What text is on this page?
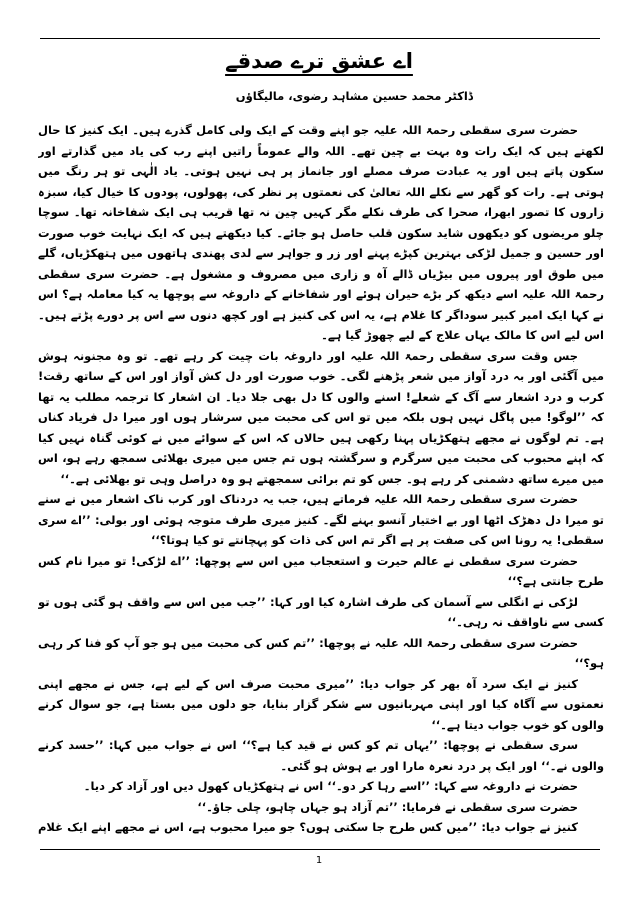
اے عشق ترے صدقے
ڈاکٹر محمد حسین مشاہد رضوی، مالیگاؤں

حضرت سری سقطی رحمۃ اللہ علیہ جو اپنے وقت کے ایک ولی کامل گذرے ہیں۔ ایک کنیز کا حال لکھتے ہیں کہ ایک رات وہ بہت بے چین تھے۔ اللہ والے عموماً راتیں اپنے رب کی یاد میں گذارتے اور سکون پاتے ہیں اور یہ عبادت صرف مصلے اور جانماز پر ہی نہیں ہوتی۔ یاد الٰہی تو ہر رنگ میں ہوتی ہے۔ رات کو گھر سے نکلے اللہ تعالیٰ کی نعمتوں پر نظر کی، پھولوں، پودوں کا خیال کیا، سبزہ زاروں کا تصور ابھرا، صحرا کی طرف نکلے مگر کہیں چین نہ تھا قریب ہی ایک شفاخانہ تھا۔ سوچا چلو مریضوں کو دیکھوں شاید سکون قلب حاصل ہو جائے۔ کیا دیکھتے ہیں کہ ایک نہایت خوب صورت اور حسین و جمیل لڑکی بہترین کپڑے پہنے اور زر و جواہر سے لدی پھندی ہاتھوں میں ہتھکڑیاں، گلے میں طوق اور پیروں میں بیڑیاں ڈالے آہ و زاری میں مصروف و مشغول ہے۔ حضرت سری سقطی رحمۃ اللہ علیہ اسے دیکھ کر بڑے حیران ہوئے اور شفاخانے کے داروغہ سے پوچھا یہ کیا معاملہ ہے؟ اس نے کہا ایک امیر کبیر سوداگر کا غلام ہے، یہ اس کی کنیز ہے اور کچھ دنوں سے اس پر دورے پڑتے ہیں۔ اس لیے اس کا مالک یہاں علاج کے لیے چھوڑ گیا ہے۔

جس وقت سری سقطی رحمۃ اللہ علیہ اور داروغہ بات چیت کر رہے تھے۔ تو وہ مجنونہ ہوش میں آگئی اور بہ درد آواز میں شعر پڑھنے لگی۔ خوب صورت اور دل کش آواز اور اس کے ساتھ رقت! کرب و درد اشعار سے آگ کے شعلے! اسنے والوں کا دل بھی جلا دیا۔ ان اشعار کا ترجمہ مطلب یہ تھا کہ ’’لوگو! میں پاگل نہیں ہوں بلکہ میں تو اس کی محبت میں سرشار ہوں اور میرا دل فریاد کناں ہے۔ تم لوگوں نے مجھے ہتھکڑیاں پہنا رکھی ہیں حالاں کہ اس کے سوائے میں نے کوئی گناہ نہیں کیا کہ اپنے محبوب کی محبت میں سرگرم و سرگشتہ ہوں تم جس میں میری بھلائی سمجھ رہے ہو، اس میں میرے ساتھ دشمنی کر رہے ہو۔ جس کو تم برائی سمجھتے ہو وہ دراصل وہی تو بھلائی ہے۔‘‘

حضرت سری سقطی رحمۃ اللہ علیہ فرماتے ہیں، جب یہ دردناک اور کرب ناک اشعار میں نے سنے تو میرا دل دھڑک اٹھا اور بے اختیار آنسو بہنے لگے۔ کنیز میری طرف متوجہ ہوئی اور بولی: ’’اے سری سقطی! یہ رونا اس کی صفت پر ہے اگر تم اس کی ذات کو پہچانتے تو کیا ہوتا؟‘‘

حضرت سری سقطی نے عالم حیرت و استعجاب میں اس سے پوچھا: ’’اے لڑکی! تو میرا نام کس طرح جانتی ہے؟‘‘

لڑکی نے انگلی سے آسمان کی طرف اشارہ کیا اور کہا: ’’جب میں اس سے واقف ہو گئی ہوں تو کسی سے ناواقف نہ رہی۔‘‘

حضرت سری سقطی رحمۃ اللہ علیہ نے پوچھا: ’’تم کس کی محبت میں ہو جو آپ کو فنا کر رہی ہو؟‘‘

کنیز نے ایک سرد آہ بھر کر جواب دیا: ’’میری محبت صرف اس کے لیے ہے، جس نے مجھے اپنی نعمتوں سے آگاہ کیا اور اپنی مہربانیوں سے شکر گزار بنایا، جو دلوں میں بستا ہے، جو سوال کرنے والوں کو خوب جواب دیتا ہے۔‘‘

سری سقطی نے پوچھا: ’’یہاں تم کو کس نے قید کیا ہے؟‘‘ اس نے جواب میں کہا: ’’حسد کرنے والوں نے۔‘‘ اور ایک پر درد نعرہ مارا اور بے ہوش ہو گئی۔

حضرت نے داروغہ سے کہا: ’’اسے رہا کر دو۔‘‘ اس نے ہتھکڑیاں کھول دیں اور آزاد کر دیا۔

حضرت سری سقطی نے فرمایا: ’’تم آزاد ہو جہاں چاہو، چلی جاؤ۔‘‘

کنیز نے جواب دیا: ’’میں کس طرح جا سکتی ہوں؟ جو میرا محبوب ہے، اس نے مجھے اپنے ایک غلام

1
